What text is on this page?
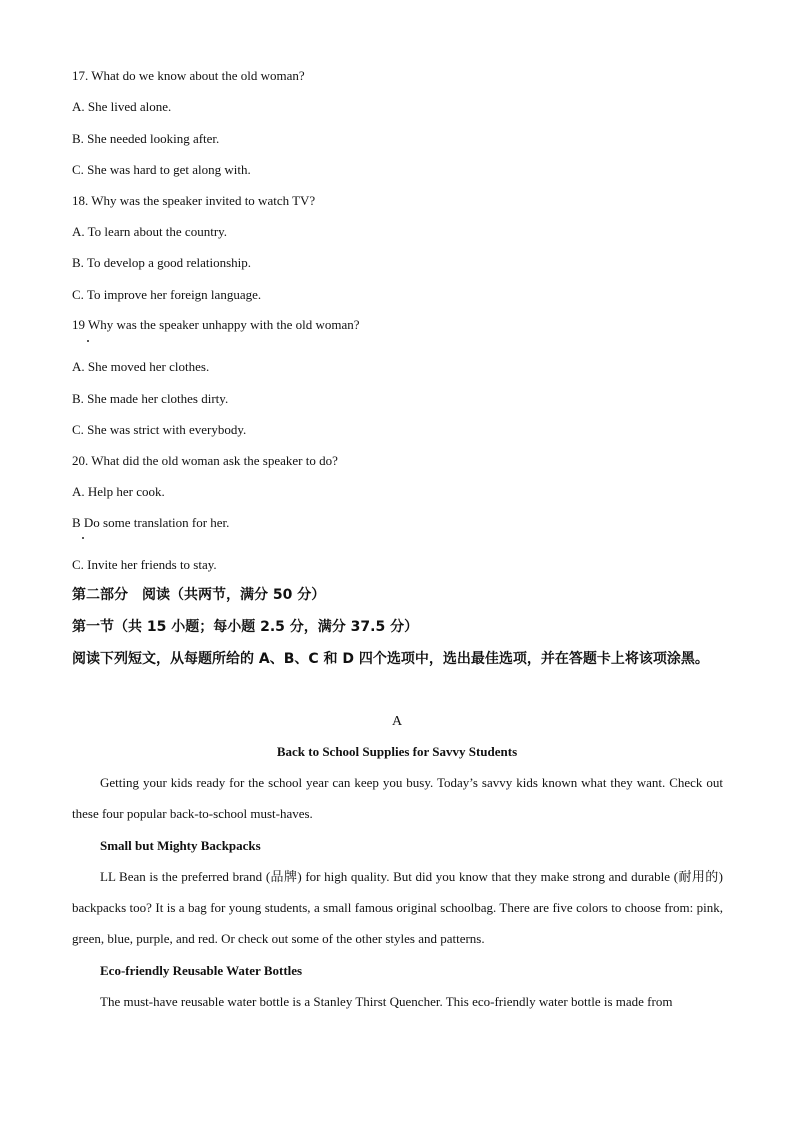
17. What do we know about the old woman?
A. She lived alone.
B. She needed looking after.
C. She was hard to get along with.
18. Why was the speaker invited to watch TV?
A. To learn about the country.
B. To develop a good relationship.
C. To improve her foreign language.
19 Why was the speaker unhappy with the old woman?
A. She moved her clothes.
B. She made her clothes dirty.
C. She was strict with everybody.
20. What did the old woman ask the speaker to do?
A. Help her cook.
B Do some translation for her.
C. Invite her friends to stay.
第二部分　阅读（共两节，满分 50 分）
第一节（共 15 小题；每小题 2.5 分，满分 37.5 分）
阅读下列短文，从每题所给的 A、B、C 和 D 四个选项中，选出最佳选项，并在答题卡上将该项涂黑。
A
Back to School Supplies for Savvy Students
Getting your kids ready for the school year can keep you busy. Today’s savvy kids known what they want. Check out these four popular back-to-school must-haves.
Small but Mighty Backpacks
LL Bean is the preferred brand (品牌) for high quality. But did you know that they make strong and durable (耐用的) backpacks too? It is a bag for young students, a small famous original schoolbag. There are five colors to choose from: pink, green, blue, purple, and red. Or check out some of the other styles and patterns.
Eco-friendly Reusable Water Bottles
The must-have reusable water bottle is a Stanley Thirst Quencher. This eco-friendly water bottle is made from
